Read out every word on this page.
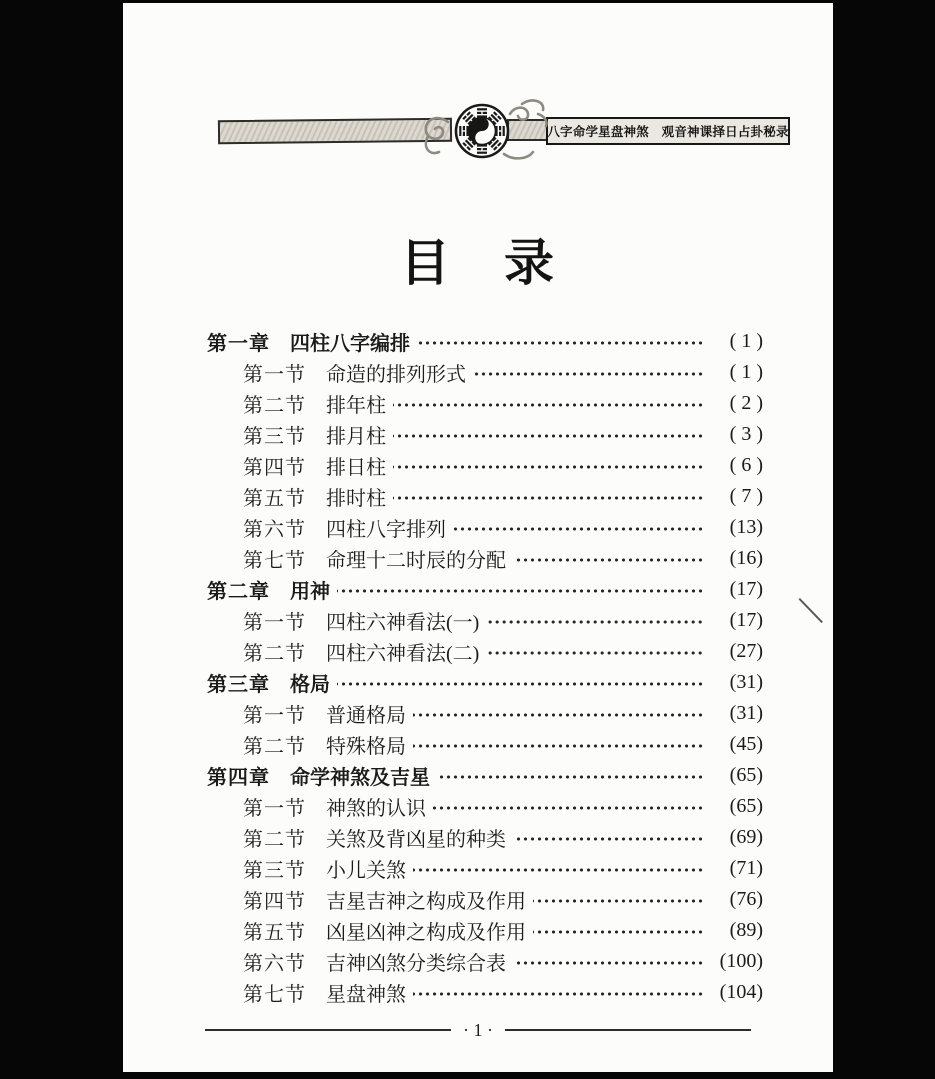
八字命学星盘神煞　观音神课择日占卦秘录
目　录
第一章 四柱八字编排	( 1 )
第一节 命造的排列形式	( 1 )
第二节 排年柱	( 2 )
第三节 排月柱	( 3 )
第四节 排日柱	( 6 )
第五节 排时柱	( 7 )
第六节 四柱八字排列	(13)
第七节 命理十二时辰的分配	(16)
第二章 用神	(17)
第一节 四柱六神看法(一)	(17)
第二节 四柱六神看法(二)	(27)
第三章 格局	(31)
第一节 普通格局	(31)
第二节 特殊格局	(45)
第四章 命学神煞及吉星	(65)
第一节 神煞的认识	(65)
第二节 关煞及背凶星的种类	(69)
第三节 小儿关煞	(71)
第四节 吉星吉神之构成及作用	(76)
第五节 凶星凶神之构成及作用	(89)
第六节 吉神凶煞分类综合表	(100)
第七节 星盘神煞	(104)
· 1 ·
